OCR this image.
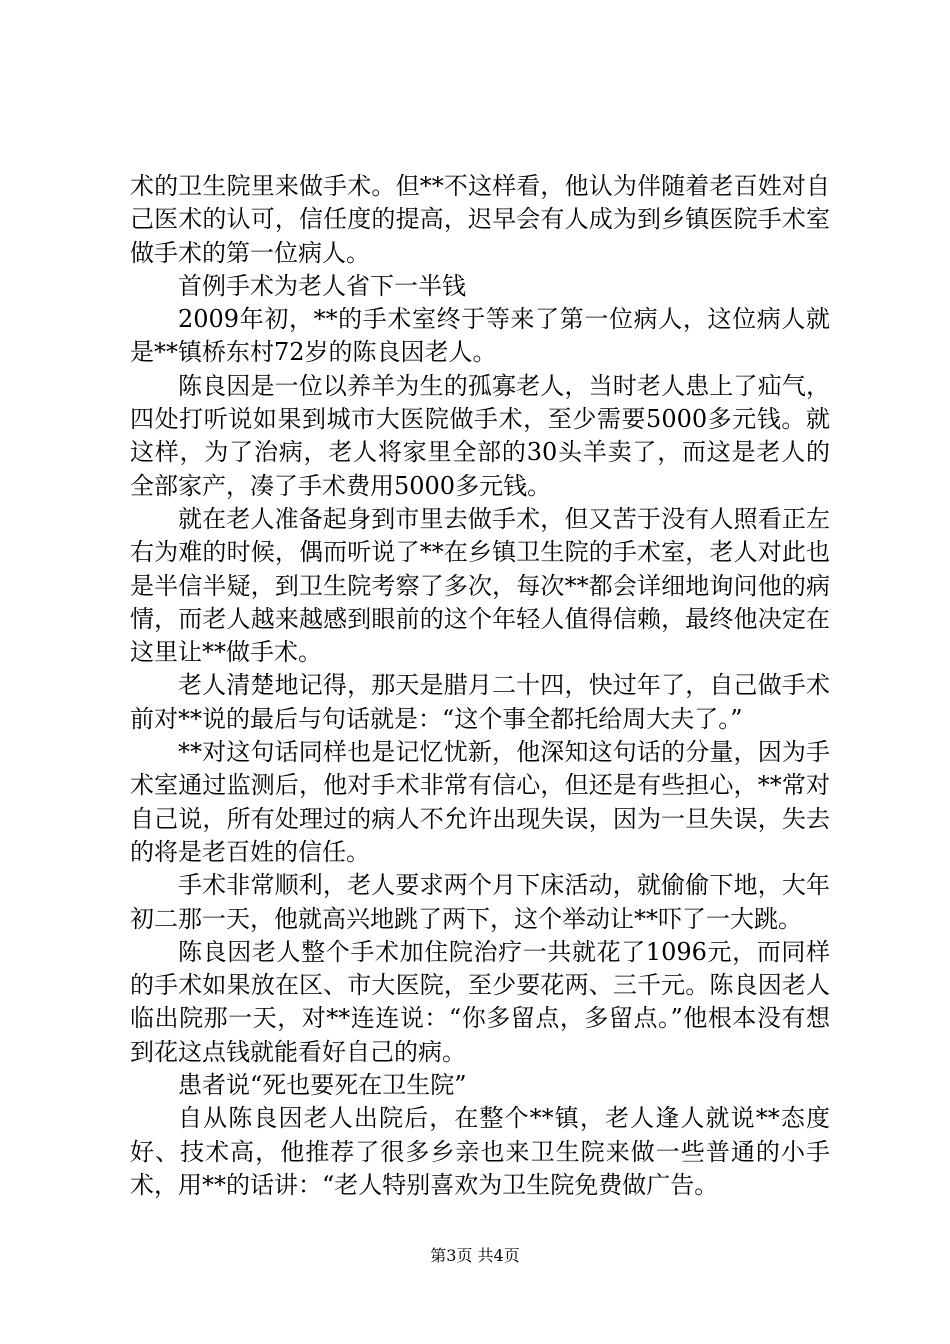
术的卫生院里来做手术。但**不这样看，他认为伴随着老百姓对自己医术的认可，信任度的提高，迟早会有人成为到乡镇医院手术室做手术的第一位病人。

首例手术为老人省下一半钱

2009年初，**的手术室终于等来了第一位病人，这位病人就是**镇桥东村72岁的陈良因老人。

陈良因是一位以养羊为生的孤寡老人，当时老人患上了疝气，四处打听说如果到城市大医院做手术，至少需要5000多元钱。就这样，为了治病，老人将家里全部的30头羊卖了，而这是老人的全部家产，凑了手术费用5000多元钱。

就在老人准备起身到市里去做手术，但又苦于没有人照看正左右为难的时候，偶而听说了**在乡镇卫生院的手术室，老人对此也是半信半疑，到卫生院考察了多次，每次**都会详细地询问他的病情，而老人越来越感到眼前的这个年轻人值得信赖，最终他决定在这里让**做手术。

老人清楚地记得，那天是腊月二十四，快过年了，自己做手术前对**说的最后与句话就是：“这个事全都托给周大夫了。”

**对这句话同样也是记忆忧新，他深知这句话的分量，因为手术室通过监测后，他对手术非常有信心，但还是有些担心，**常对自己说，所有处理过的病人不允许出现失误，因为一旦失误，失去的将是老百姓的信任。

手术非常顺利，老人要求两个月下床活动，就偷偷下地，大年初二那一天，他就高兴地跳了两下，这个举动让**吓了一大跳。

陈良因老人整个手术加住院治疗一共就花了1096元，而同样的手术如果放在区、市大医院，至少要花两、三千元。陈良因老人临出院那一天，对**连连说：“你多留点，多留点。”他根本没有想到花这点钱就能看好自己的病。

患者说“死也要死在卫生院”

自从陈良因老人出院后，在整个**镇，老人逢人就说**态度好、技术高，他推荐了很多乡亲也来卫生院来做一些普通的小手术，用**的话讲：“老人特别喜欢为卫生院免费做广告。

第3页 共4页
